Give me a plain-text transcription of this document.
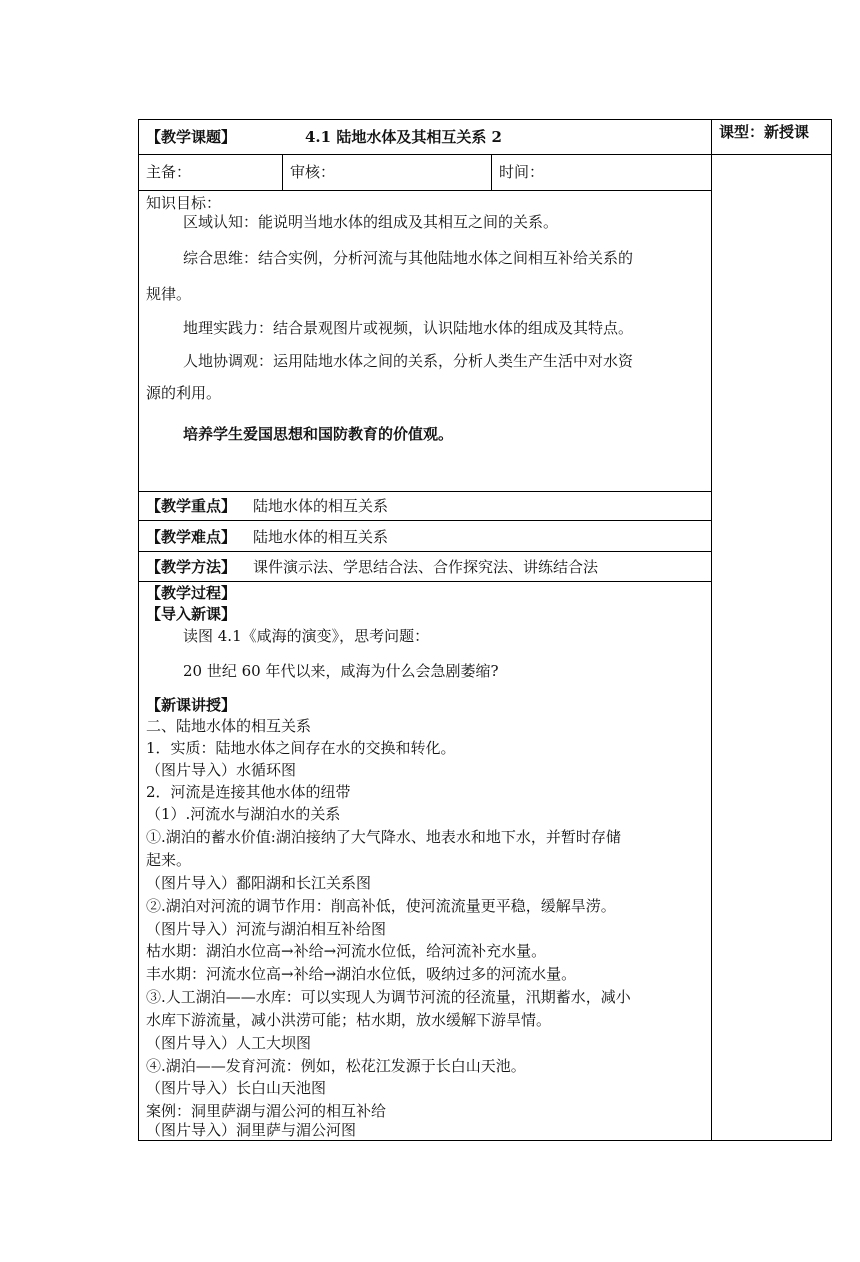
【教学课题】	4.1 陆地水体及其相互关系 2	课型：新授课
主备：	审核：	时间：
知识目标：
区域认知：能说明当地水体的组成及其相互之间的关系。
综合思维：结合实例，分析河流与其他陆地水体之间相互补给关系的
规律。
地理实践力：结合景观图片或视频，认识陆地水体的组成及其特点。
人地协调观：运用陆地水体之间的关系，分析人类生产生活中对水资
源的利用。
培养学生爱国思想和国防教育的价值观。
【教学重点】 陆地水体的相互关系
【教学难点】 陆地水体的相互关系
【教学方法】 课件演示法、学思结合法、合作探究法、讲练结合法
【教学过程】
【导入新课】
读图 4.1《咸海的演变》，思考问题：
20 世纪 60 年代以来，咸海为什么会急剧萎缩?
【新课讲授】
二、陆地水体的相互关系
1．实质：陆地水体之间存在水的交换和转化。
（图片导入）水循环图
2．河流是连接其他水体的纽带
（1）.河流水与湖泊水的关系
①.湖泊的蓄水价值:湖泊接纳了大气降水、地表水和地下水，并暂时存储
起来。
（图片导入）鄱阳湖和长江关系图
②.湖泊对河流的调节作用：削高补低，使河流流量更平稳，缓解旱涝。
（图片导入）河流与湖泊相互补给图
枯水期：湖泊水位高→补给→河流水位低，给河流补充水量。
丰水期：河流水位高→补给→湖泊水位低，吸纳过多的河流水量。
③.人工湖泊——水库：可以实现人为调节河流的径流量，汛期蓄水，减小
水库下游流量，减小洪涝可能；枯水期，放水缓解下游旱情。
（图片导入）人工大坝图
④.湖泊——发育河流：例如，松花江发源于长白山天池。
（图片导入）长白山天池图
案例：洞里萨湖与湄公河的相互补给
（图片导入）洞里萨与湄公河图
